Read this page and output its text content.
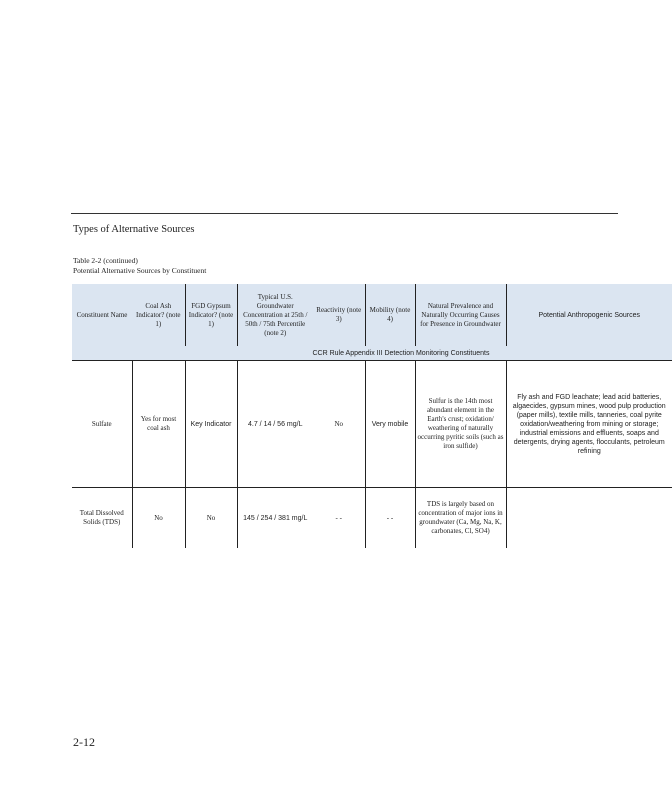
Types of Alternative Sources
Table 2-2 (continued)
Potential Alternative Sources by Constituent
Constituent Name	Coal Ash Indicator? (note 1)	FGD Gypsum Indicator? (note 1)	Typical U.S. Groundwater Concentration at 25th / 50th / 75th Percentile (note 2)	Reactivity (note 3)	Mobility (note 4)	Natural Prevalence and Naturally Occurring Causes for Presence in Groundwater	Potential Anthropogenic Sources
CCR Rule Appendix III Detection Monitoring Constituents							
Sulfate	Yes for most coal ash	Key Indicator	4.7 / 14 / 56 mg/L	No	Very mobile	Sulfur is the 14th most abundant element in the Earth's crust; oxidation/ weathering of naturally occurring pyritic soils (such as iron sulfide)	Fly ash and FGD leachate; lead acid batteries, algaecides, gypsum mines, wood pulp production (paper mills), textile mills, tanneries, coal pyrite oxidation/weathering from mining or storage; industrial emissions and effluents, soaps and detergents, drying agents, flocculants, petroleum refining
Total Dissolved Solids (TDS)	No	No	145 / 254 / 381 mg/L	- -	- -	TDS is largely based on concentration of major ions in groundwater (Ca, Mg, Na, K, carbonates, Cl, SO4)	
2-12
